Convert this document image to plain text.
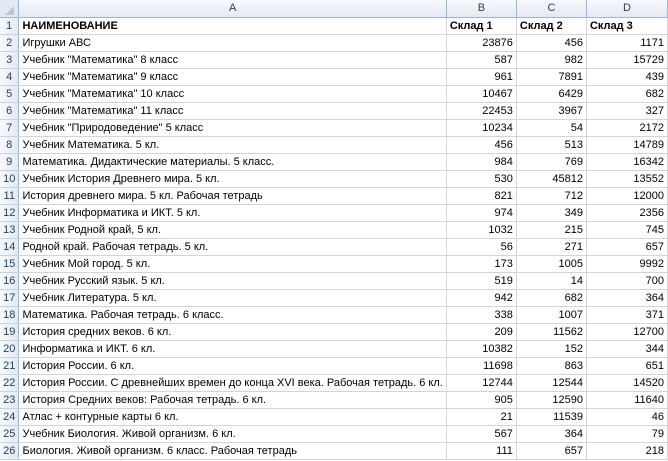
	A	B	C	D
1	НАИМЕНОВАНИЕ	Склад 1	Склад 2	Склад 3
2	Игрушки АВС	23876	456	1171
3	Учебник "Математика" 8 класс	587	982	15729
4	Учебник "Математика" 9 класс	961	7891	439
5	Учебник "Математика" 10 класс	10467	6429	682
6	Учебник "Математика" 11 класс	22453	3967	327
7	Учебник "Природоведение" 5 класс	10234	54	2172
8	Учебник Математика. 5 кл.	456	513	14789
9	Математика. Дидактические материалы. 5 класс.	984	769	16342
10	Учебник История Древнего мира. 5 кл.	530	45812	13552
11	История древнего мира. 5 кл. Рабочая тетрадь	821	712	12000
12	Учебник Информатика и ИКТ. 5 кл.	974	349	2356
13	Учебник Родной край, 5 кл.	1032	215	745
14	Родной край. Рабочая тетрадь. 5 кл.	56	271	657
15	Учебник Мой город. 5 кл.	173	1005	9992
16	Учебник Русский язык. 5 кл.	519	14	700
17	Учебник Литература. 5 кл.	942	682	364
18	Математика. Рабочая тетрадь. 6 класс.	338	1007	371
19	История средних веков. 6 кл.	209	11562	12700
20	Информатика и ИКТ. 6 кл.	10382	152	344
21	История России. 6 кл.	11698	863	651
22	История России. С древнейших времен до конца XVI века. Рабочая тетрадь. 6 кл.	12744	12544	14520
23	История Средних веков: Рабочая тетрадь. 6 кл.	905	12590	11640
24	Атлас + контурные карты 6 кл.	21	11539	46
25	Учебник Биология. Живой организм. 6 кл.	567	364	79
26	Биология. Живой организм. 6 класс. Рабочая тетрадь	111	657	218
